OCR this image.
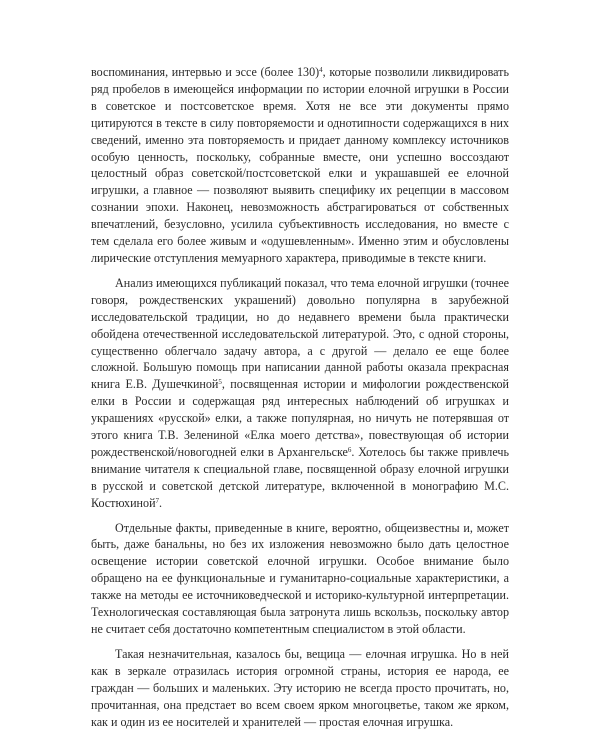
воспоминания, интервью и эссе (более 130)$^4$, которые позволили ликвидировать ряд пробелов в имеющейся информации по истории елочной игрушки в России в советское и постсоветское время. Хотя не все эти документы прямо цитируются в тексте в силу повторяемости и однотипности содержащихся в них сведений, именно эта повторяемость и придает данному комплексу источников особую ценность, поскольку, собранные вместе, они успешно воссоздают целостный образ советской/постсоветской елки и украшавшей ее елочной игрушки, а главное — позволяют выявить специфику их рецепции в массовом сознании эпохи. Наконец, невозможность абстрагироваться от собственных впечатлений, безусловно, усилила субъективность исследования, но вместе с тем сделала его более живым и «одушевленным». Именно этим и обусловлены лирические отступления мемуарного характера, приводимые в тексте книги.

Анализ имеющихся публикаций показал, что тема елочной игрушки (точнее говоря, рождественских украшений) довольно популярна в зарубежной исследовательской традиции, но до недавнего времени была практически обойдена отечественной исследовательской литературой. Это, с одной стороны, существенно облегчало задачу автора, а с другой — делало ее еще более сложной. Большую помощь при написании данной работы оказала прекрасная книга Е.В. Душечкиной$^5$, посвященная истории и мифологии рождественской елки в России и содержащая ряд интересных наблюдений об игрушках и украшениях «русской» елки, а также популярная, но ничуть не потерявшая от этого книга Т.В. Зелениной «Елка моего детства», повествующая об истории рождественской/новогодней елки в Архангельске$^6$. Хотелось бы также привлечь внимание читателя к специальной главе, посвященной образу елочной игрушки в русской и советской детской литературе, включенной в монографию М.С. Костюхиной$^7$.

Отдельные факты, приведенные в книге, вероятно, общеизвестны и, может быть, даже банальны, но без их изложения невозможно было дать целостное освещение истории советской елочной игрушки. Особое внимание было обращено на ее функциональные и гуманитарно-социальные характеристики, а также на методы ее источниковедческой и историко-культурной интерпретации. Технологическая составляющая была затронута лишь вскользь, поскольку автор не считает себя достаточно компетентным специалистом в этой области.

Такая незначительная, казалось бы, вещица — елочная игрушка. Но в ней как в зеркале отразилась история огромной страны, история ее народа, ее граждан — больших и маленьких. Эту историю не всегда просто прочитать, но, прочитанная, она предстает во всем своем ярком многоцветье, таком же ярком, как и один из ее носителей и хранителей — простая елочная игрушка.
